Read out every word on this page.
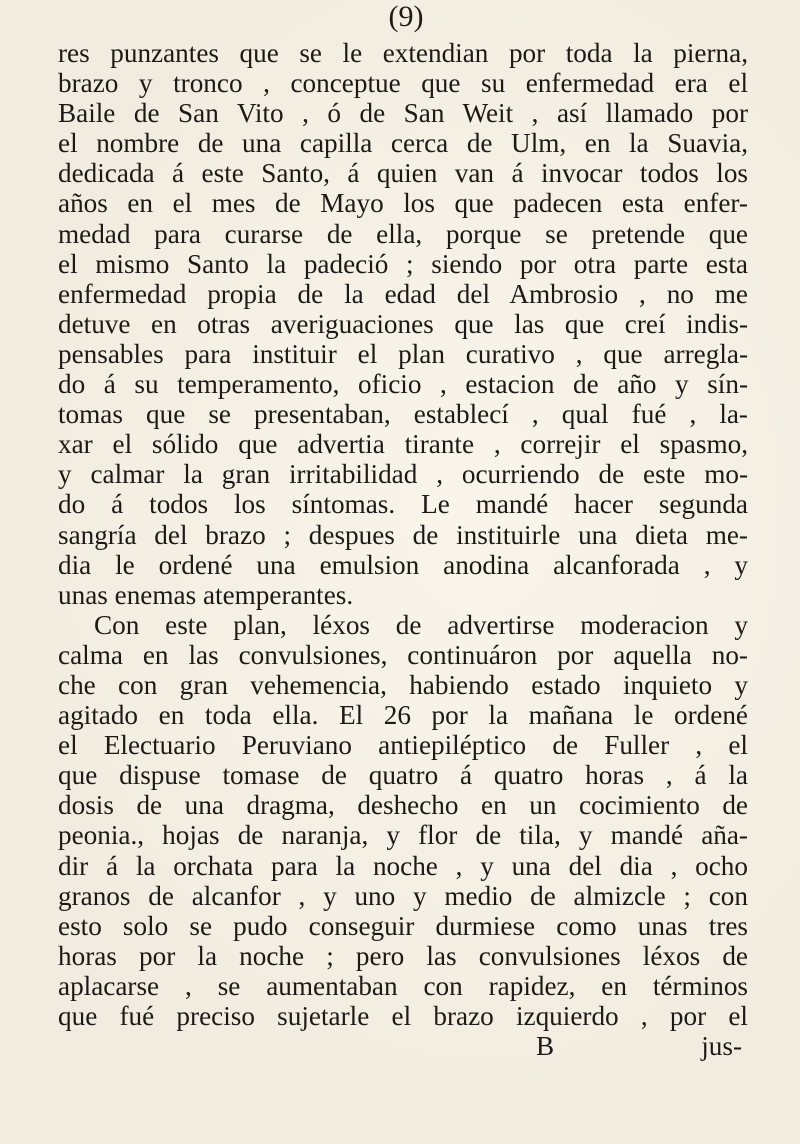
(9)
res punzantes que se le extendian por toda la pierna,
brazo y tronco , conceptue que su enfermedad era el
Baile de San Vito , ó de San Weit , así llamado por
el nombre de una capilla cerca de Ulm, en la Suavia,
dedicada á este Santo, á quien van á invocar todos los
años en el mes de Mayo los que padecen esta enfer-
medad para curarse de ella, porque se pretende que
el mismo Santo la padeció ; siendo por otra parte esta
enfermedad propia de la edad del Ambrosio , no me
detuve en otras averiguaciones que las que creí indis-
pensables para instituir el plan curativo , que arregla-
do á su temperamento, oficio , estacion de año y sín-
tomas que se presentaban, establecí , qual fué , la-
xar el sólido que advertia tirante , correjir el spasmo,
y calmar la gran irritabilidad , ocurriendo de este mo-
do á todos los síntomas. Le mandé hacer segunda
sangría del brazo ; despues de instituirle una dieta me-
dia le ordené una emulsion anodina alcanforada , y
unas enemas atemperantes.
Con este plan, léxos de advertirse moderacion y
calma en las convulsiones, continuáron por aquella no-
che con gran vehemencia, habiendo estado inquieto y
agitado en toda ella. El 26 por la mañana le ordené
el Electuario Peruviano antiepiléptico de Fuller , el
que dispuse tomase de quatro á quatro horas , á la
dosis de una dragma, deshecho en un cocimiento de
peonia., hojas de naranja, y flor de tila, y mandé aña-
dir á la orchata para la noche , y una del dia , ocho
granos de alcanfor , y uno y medio de almizcle ; con
esto solo se pudo conseguir durmiese como unas tres
horas por la noche ; pero las convulsiones léxos de
aplacarse , se aumentaban con rapidez, en términos
que fué preciso sujetarle el brazo izquierdo , por el
B	jus-
